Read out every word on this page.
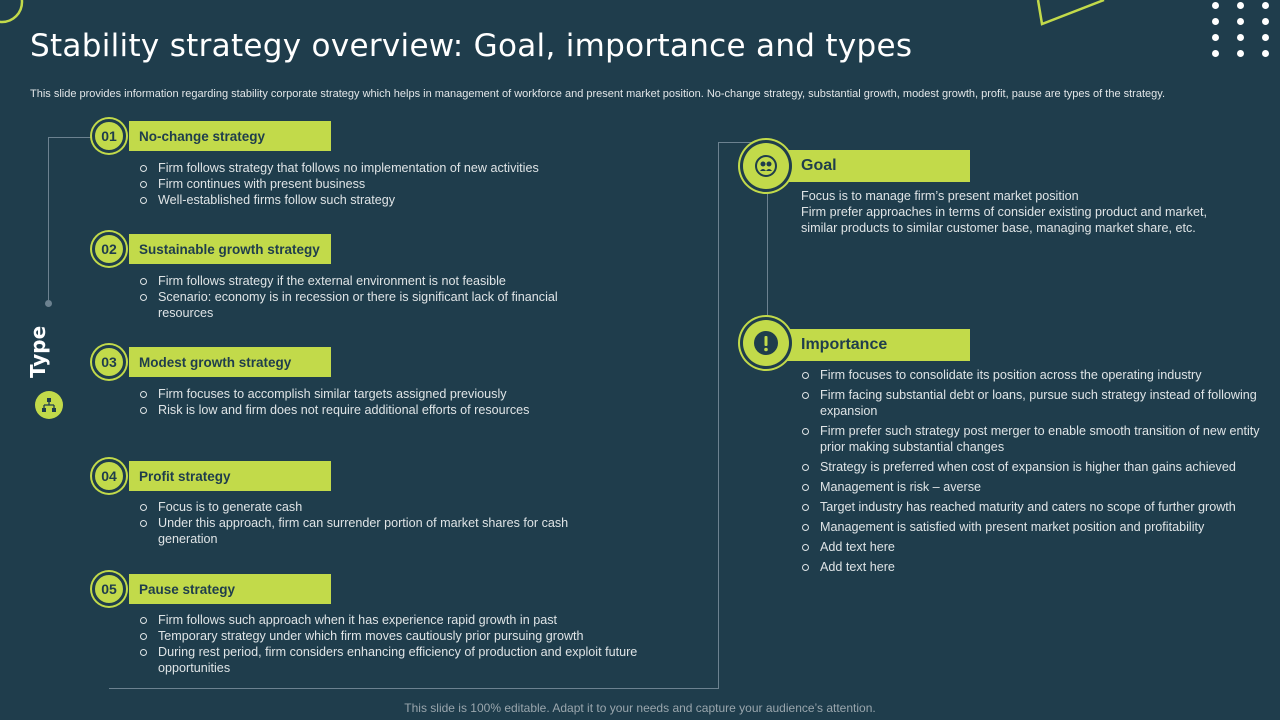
Stability strategy overview: Goal, importance and types
This slide provides information regarding stability corporate strategy which helps in management of workforce and present market position. No-change strategy, substantial growth, modest growth, profit, pause are types of the strategy.
Type
01	No-change strategy
Firm follows strategy that follows no implementation of new activities
Firm continues with present business
Well-established firms follow such strategy
02	Sustainable growth strategy
Firm follows strategy if the external environment is not feasible
Scenario: economy is in recession or there is significant lack of financial resources
03	Modest growth strategy
Firm focuses to accomplish similar targets assigned previously
Risk is low and firm does not require additional efforts of resources
04	Profit strategy
Focus is to generate cash
Under this approach, firm can surrender portion of market shares for cash generation
05	Pause strategy
Firm follows such approach when it has experience rapid growth in past
Temporary strategy under which firm moves cautiously prior pursuing growth
During rest period, firm considers enhancing efficiency of production and exploit future opportunities
Goal
Focus is to manage firm’s present market position
Firm prefer approaches in terms of consider existing product and market, similar products to similar customer base, managing market share, etc.
Importance
Firm focuses to consolidate its position across the operating industry
Firm facing substantial debt or loans, pursue such strategy instead of following expansion
Firm prefer such strategy post merger to enable smooth transition of new entity prior making substantial changes
Strategy is preferred when cost of expansion is higher than gains achieved
Management is risk – averse
Target industry has reached maturity and caters no scope of further growth
Management is satisfied with present market position and profitability
Add text here
Add text here
This slide is 100% editable. Adapt it to your needs and capture your audience’s attention.
